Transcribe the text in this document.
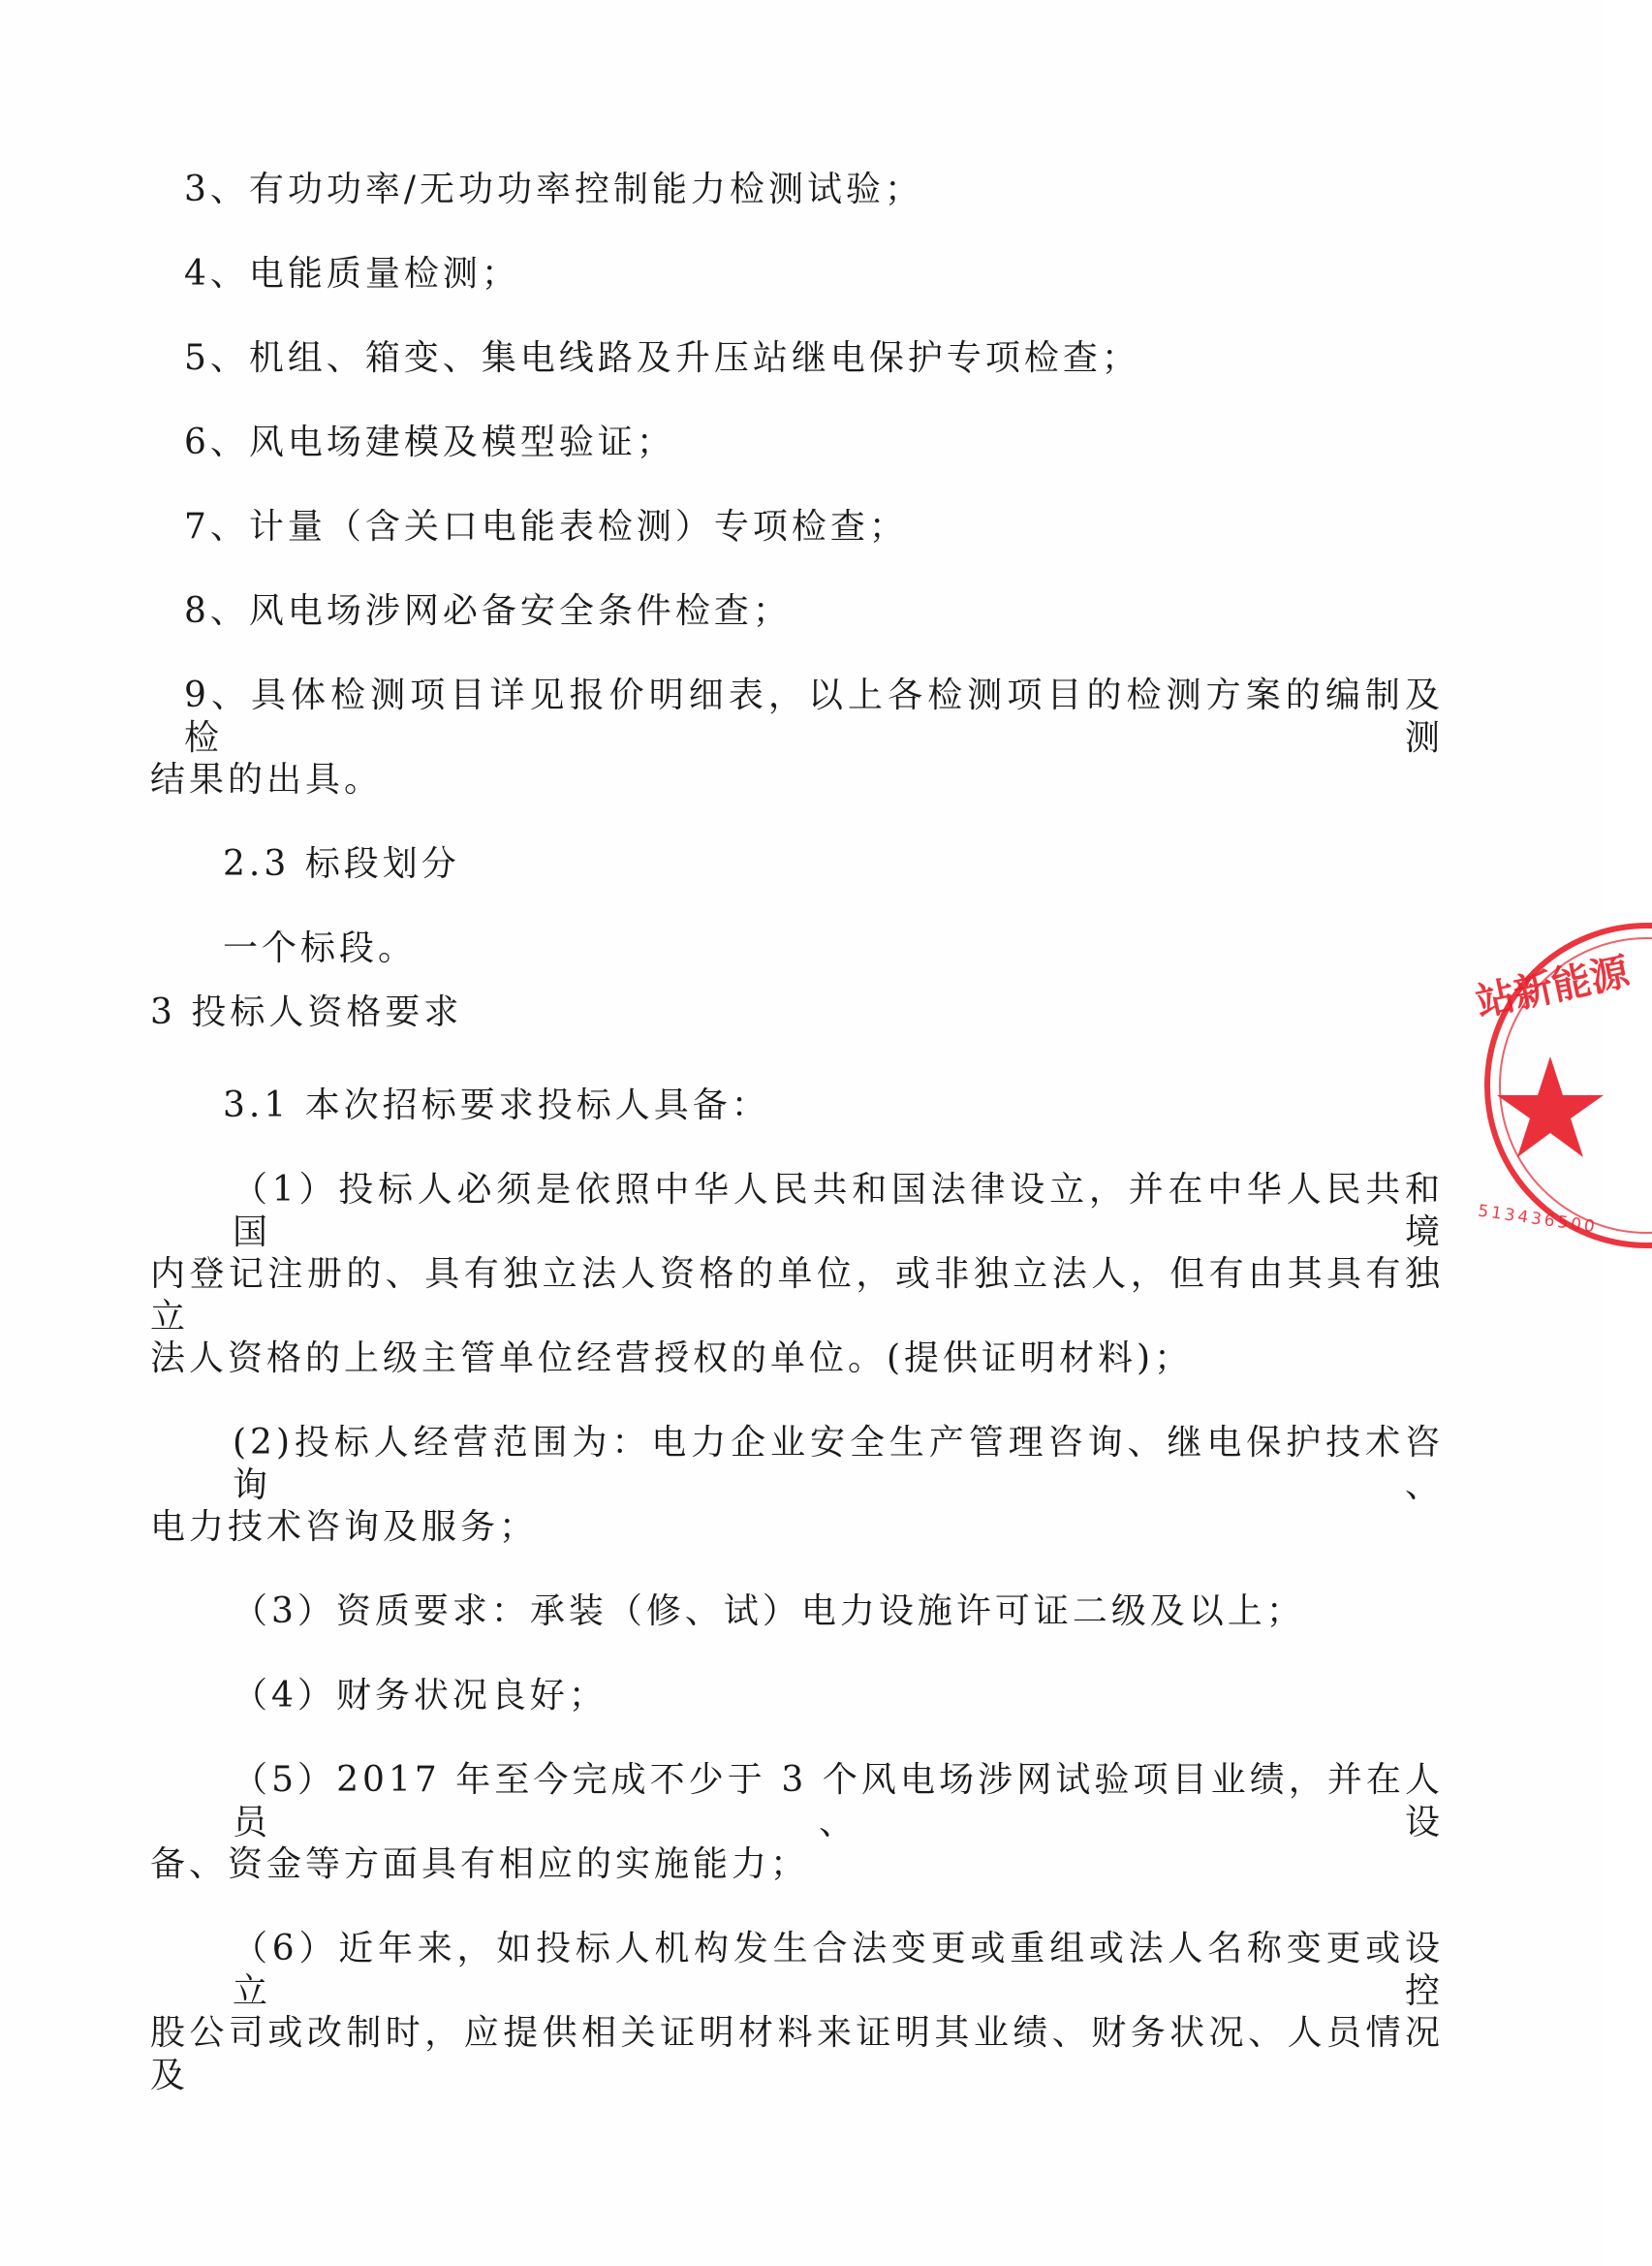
3、有功功率/无功功率控制能力检测试验；
4、电能质量检测；
5、机组、箱变、集电线路及升压站继电保护专项检查；
6、风电场建模及模型验证；
7、计量（含关口电能表检测）专项检查；
8、风电场涉网必备安全条件检查；
9、具体检测项目详见报价明细表，以上各检测项目的检测方案的编制及检测
结果的出具。
2.3 标段划分
一个标段。
3 投标人资格要求
3.1 本次招标要求投标人具备：
（1）投标人必须是依照中华人民共和国法律设立，并在中华人民共和国境
内登记注册的、具有独立法人资格的单位，或非独立法人，但有由其具有独立
法人资格的上级主管单位经营授权的单位。(提供证明材料)；
(2)投标人经营范围为：电力企业安全生产管理咨询、继电保护技术咨询、
电力技术咨询及服务；
（3）资质要求：承装（修、试）电力设施许可证二级及以上；
（4）财务状况良好；
（5）2017 年至今完成不少于 3 个风电场涉网试验项目业绩，并在人员、设
备、资金等方面具有相应的实施能力；
（6）近年来，如投标人机构发生合法变更或重组或法人名称变更或设立控
股公司或改制时，应提供相关证明材料来证明其业绩、财务状况、人员情况及
站新能源
513436500
